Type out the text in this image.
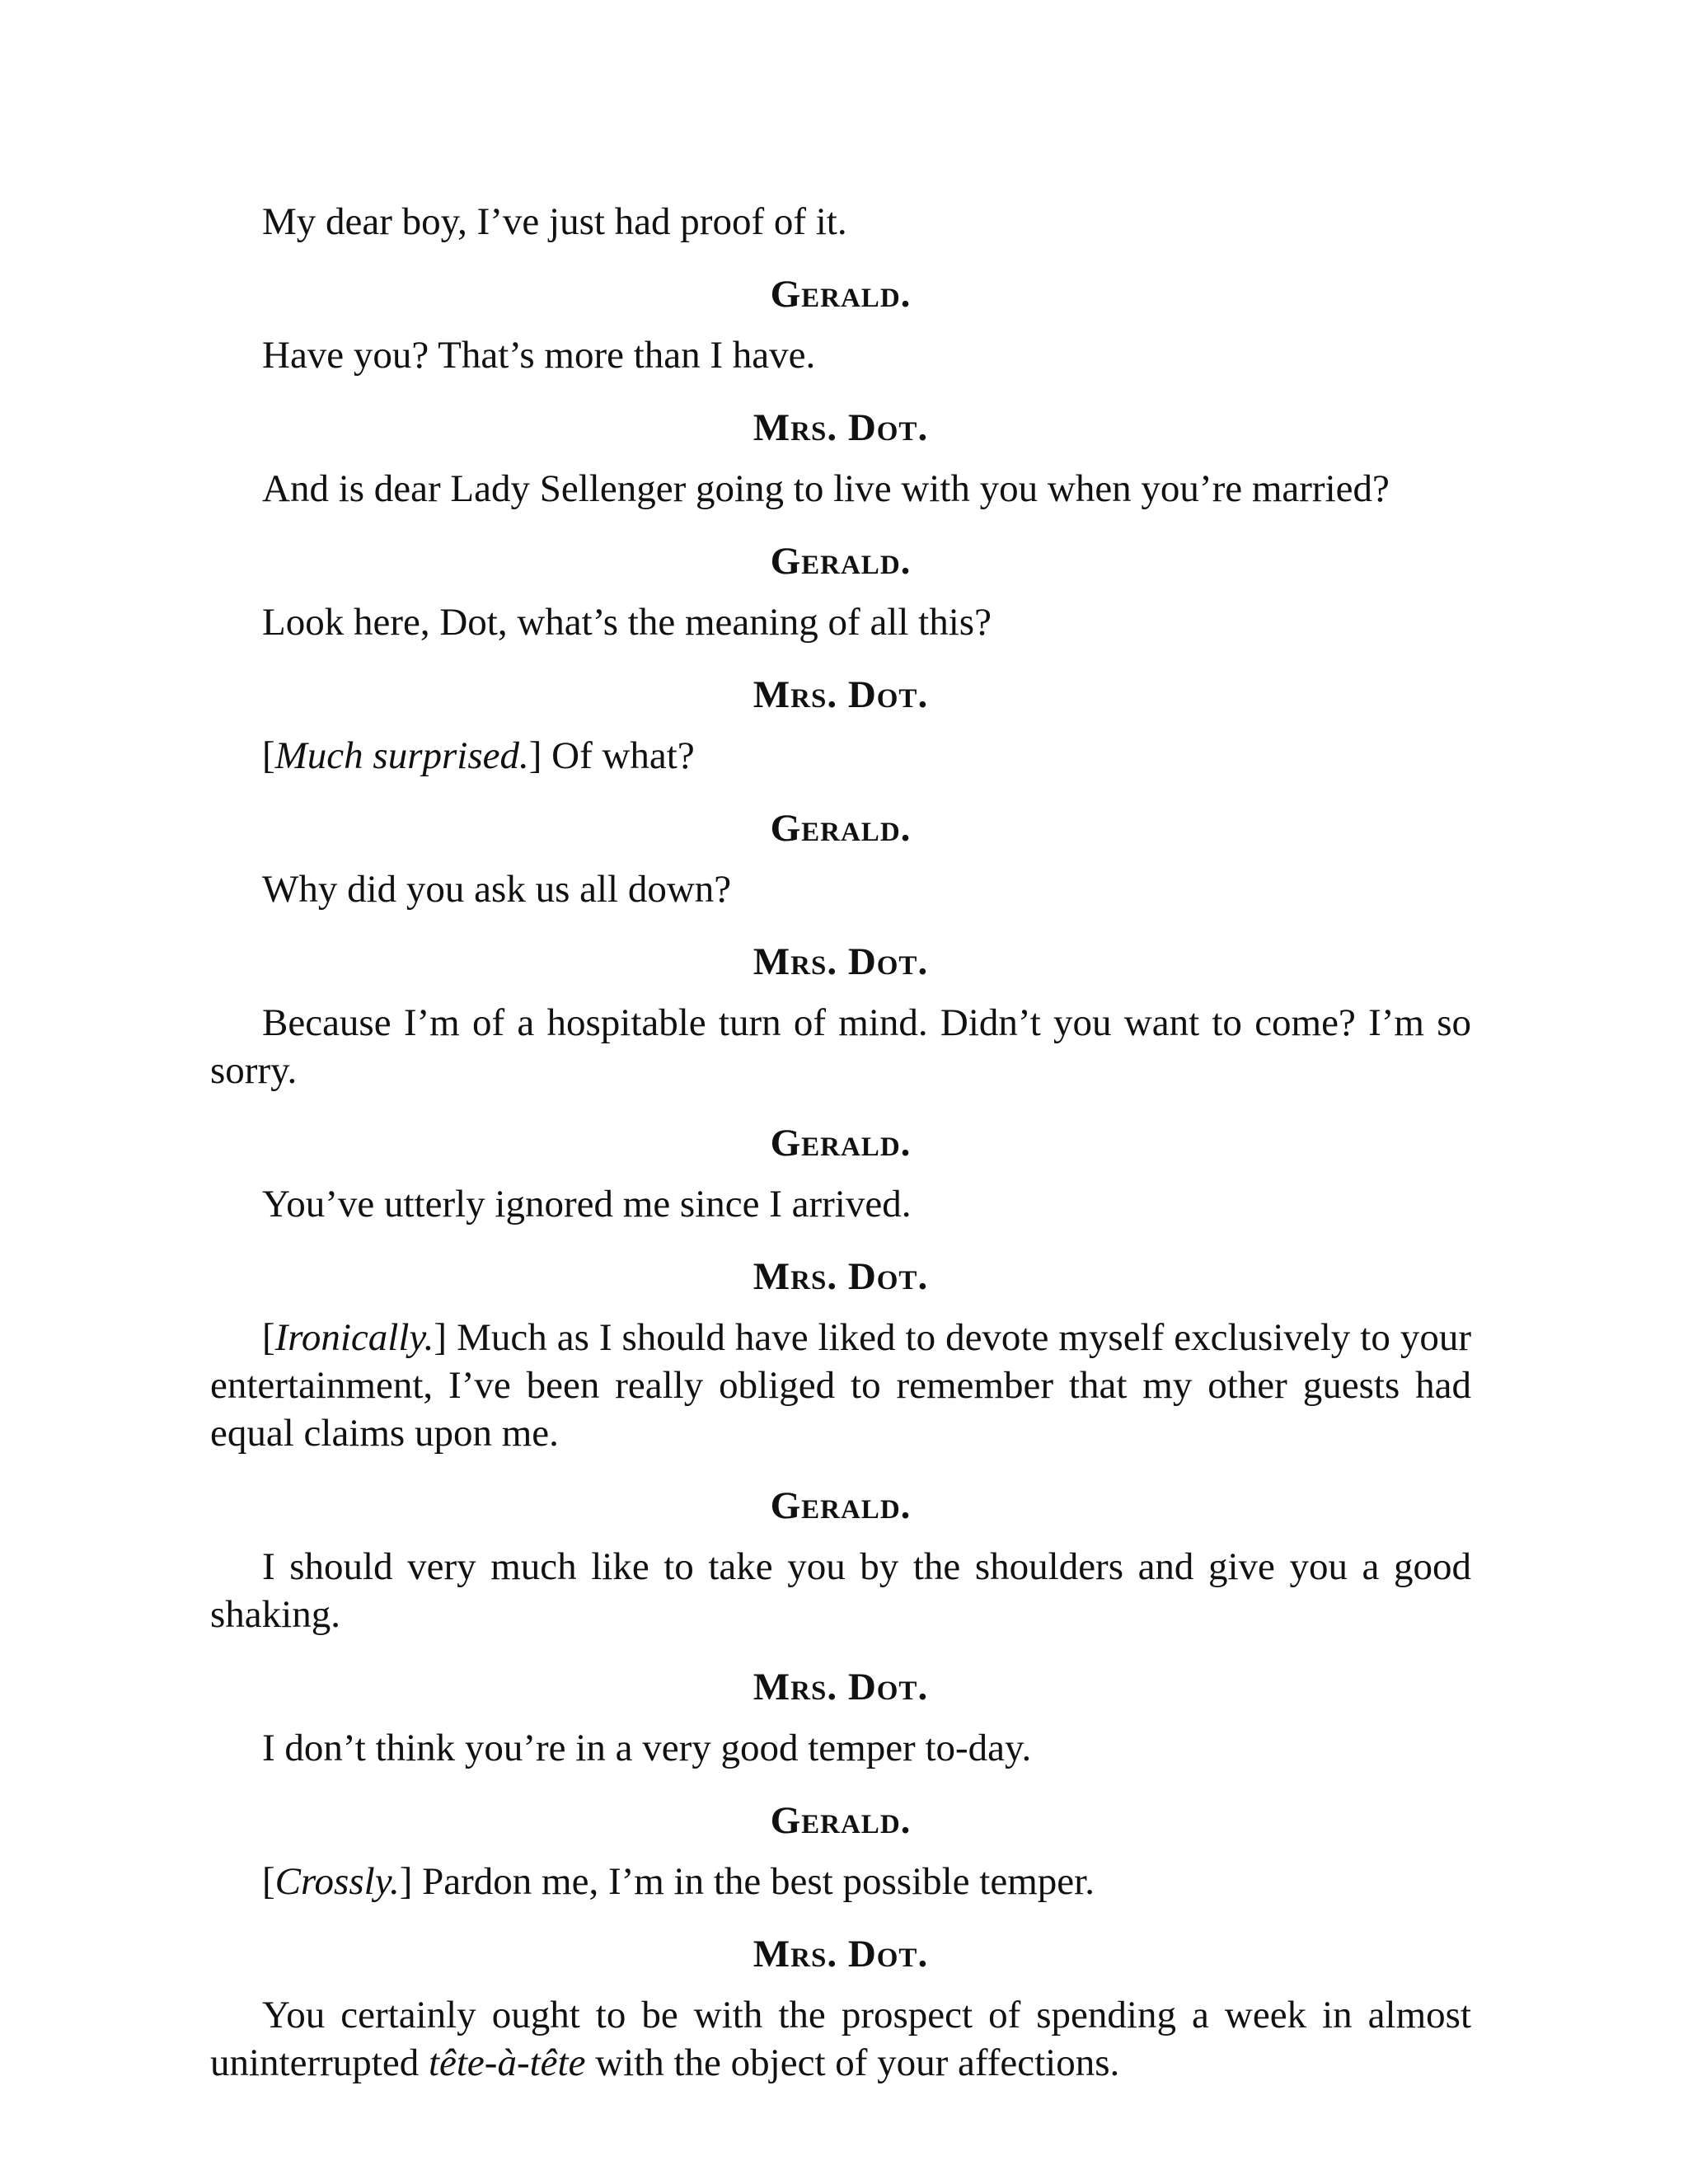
My dear boy, I’ve just had proof of it.

Gerald.

Have you? That’s more than I have.

Mrs. Dot.

And is dear Lady Sellenger going to live with you when you’re married?

Gerald.

Look here, Dot, what’s the meaning of all this?

Mrs. Dot.

[Much surprised.] Of what?

Gerald.

Why did you ask us all down?

Mrs. Dot.

Because I’m of a hospitable turn of mind. Didn’t you want to come? I’m so sorry.

Gerald.

You’ve utterly ignored me since I arrived.

Mrs. Dot.

[Ironically.] Much as I should have liked to devote myself exclusively to your entertainment, I’ve been really obliged to remember that my other guests had equal claims upon me.

Gerald.

I should very much like to take you by the shoulders and give you a good shaking.

Mrs. Dot.

I don’t think you’re in a very good temper to-day.

Gerald.

[Crossly.] Pardon me, I’m in the best possible temper.

Mrs. Dot.

You certainly ought to be with the prospect of spending a week in almost uninterrupted tête-à-tête with the object of your affections.
